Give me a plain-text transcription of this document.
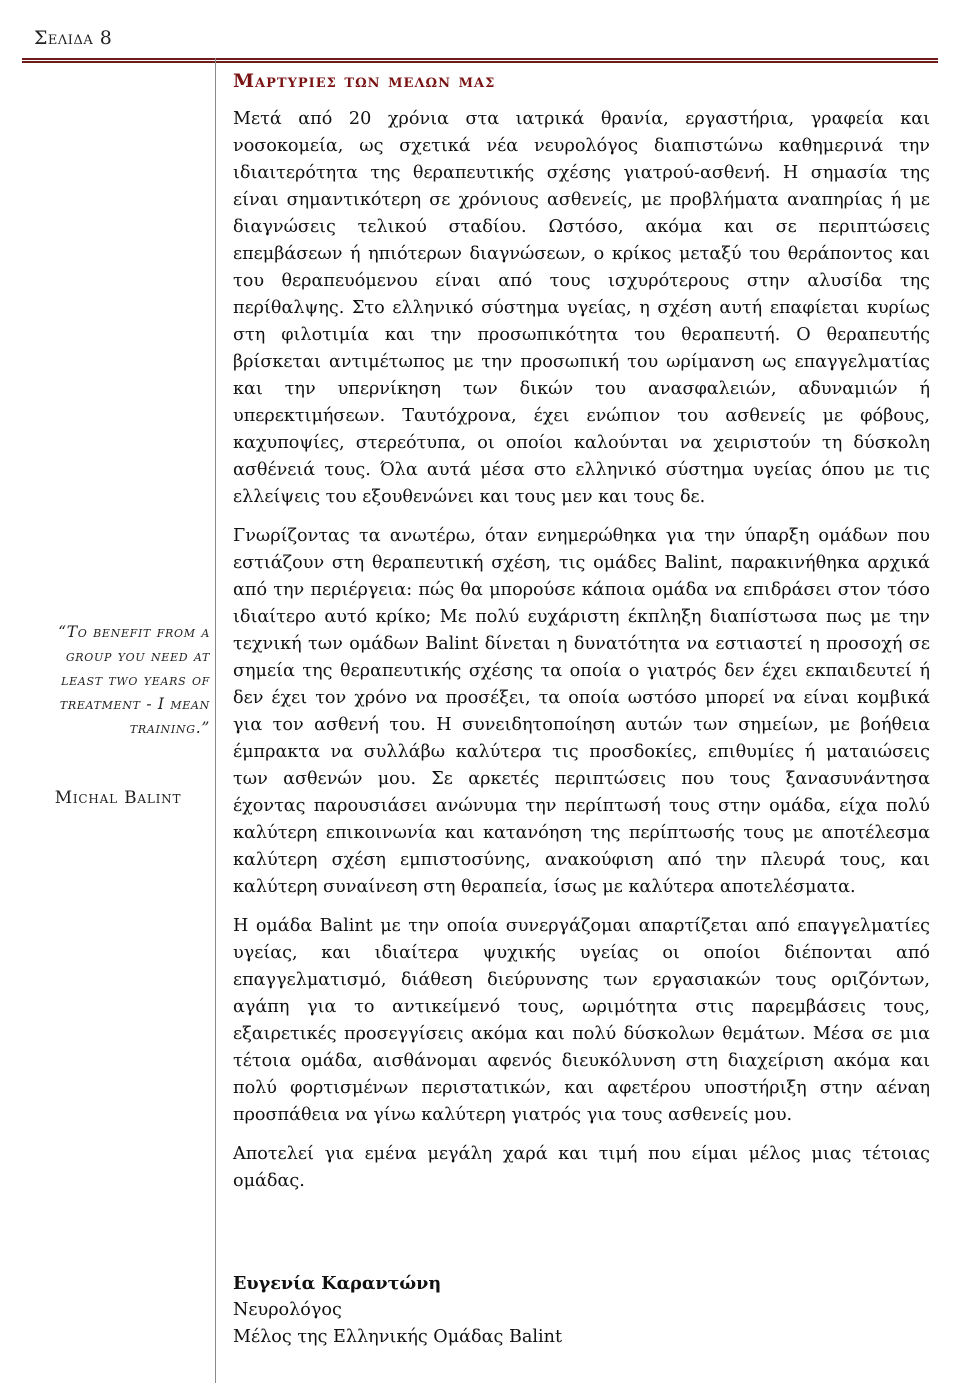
Σελιδα 8
Μαρτυριες των μελων μας

Μετά από 20 χρόνια στα ιατρικά θρανία, εργαστήρια, γραφεία και νοσοκομεία, ως σχετικά νέα νευρολόγος διαπιστώνω καθημερινά την ιδιαιτερότητα της θεραπευτικής σχέσης γιατρού-ασθενή. Η σημασία της είναι σημαντικότερη σε χρόνιους ασθενείς, με προβλήματα αναπηρίας ή με διαγνώσεις τελικού σταδίου. Ωστόσο, ακόμα και σε περιπτώσεις επεμβάσεων ή ηπιότερων διαγνώσεων, ο κρίκος μεταξύ του θεράποντος και του θεραπευόμενου είναι από τους ισχυρότερους στην αλυσίδα της περίθαλψης. Στο ελληνικό σύστημα υγείας, η σχέση αυτή επαφίεται κυρίως στη φιλοτιμία και την προσωπικότητα του θεραπευτή. Ο θεραπευτής βρίσκεται αντιμέτωπος με την προσωπική του ωρίμανση ως επαγγελματίας και την υπερνίκηση των δικών του ανασφαλειών, αδυναμιών ή υπερεκτιμήσεων. Ταυτόχρονα, έχει ενώπιον του ασθενείς με φόβους, καχυποψίες, στερεότυπα, οι οποίοι καλούνται να χειριστούν τη δύσκολη ασθένειά τους. Όλα αυτά μέσα στο ελληνικό σύστημα υγείας όπου με τις ελλείψεις του εξουθενώνει και τους μεν και τους δε.

Γνωρίζοντας τα ανωτέρω, όταν ενημερώθηκα για την ύπαρξη ομάδων που εστιάζουν στη θεραπευτική σχέση, τις ομάδες Balint, παρακινήθηκα αρχικά από την περιέργεια: πώς θα μπορούσε κάποια ομάδα να επιδράσει στον τόσο ιδιαίτερο αυτό κρίκο; Με πολύ ευχάριστη έκπληξη διαπίστωσα πως με την τεχνική των ομάδων Balint δίνεται η δυνατότητα να εστιαστεί η προσοχή σε σημεία της θεραπευτικής σχέσης τα οποία ο γιατρός δεν έχει εκπαιδευτεί ή δεν έχει τον χρόνο να προσέξει, τα οποία ωστόσο μπορεί να είναι κομβικά για τον ασθενή του. Η συνειδητοποίηση αυτών των σημείων, με βοήθεια έμπρακτα να συλλάβω καλύτερα τις προσδοκίες, επιθυμίες ή ματαιώσεις των ασθενών μου. Σε αρκετές περιπτώσεις που τους ξανασυνάντησα έχοντας παρουσιάσει ανώνυμα την περίπτωσή τους στην ομάδα, είχα πολύ καλύτερη επικοινωνία και κατανόηση της περίπτωσής τους με αποτέλεσμα καλύτερη σχέση εμπιστοσύνης, ανακούφιση από την πλευρά τους, και καλύτερη συναίνεση στη θεραπεία, ίσως με καλύτερα αποτελέσματα.

Η ομάδα Balint με την οποία συνεργάζομαι απαρτίζεται από επαγγελματίες υγείας, και ιδιαίτερα ψυχικής υγείας οι οποίοι διέπονται από επαγγελματισμό, διάθεση διεύρυνσης των εργασιακών τους οριζόντων, αγάπη για το αντικείμενό τους, ωριμότητα στις παρεμβάσεις τους, εξαιρετικές προσεγγίσεις ακόμα και πολύ δύσκολων θεμάτων. Μέσα σε μια τέτοια ομάδα, αισθάνομαι αφενός διευκόλυνση στη διαχείριση ακόμα και πολύ φορτισμένων περιστατικών, και αφετέρου υποστήριξη στην αέναη προσπάθεια να γίνω καλύτερη γιατρός για τους ασθενείς μου.

Αποτελεί για εμένα μεγάλη χαρά και τιμή που είμαι μέλος μιας τέτοιας ομάδας.

Ευγενία Καραντώνη
Νευρολόγος
Μέλος της Ελληνικής Ομάδας Balint
“To benefit from a group you need at least two years of treatment - I mean training.”
Michal Balint
